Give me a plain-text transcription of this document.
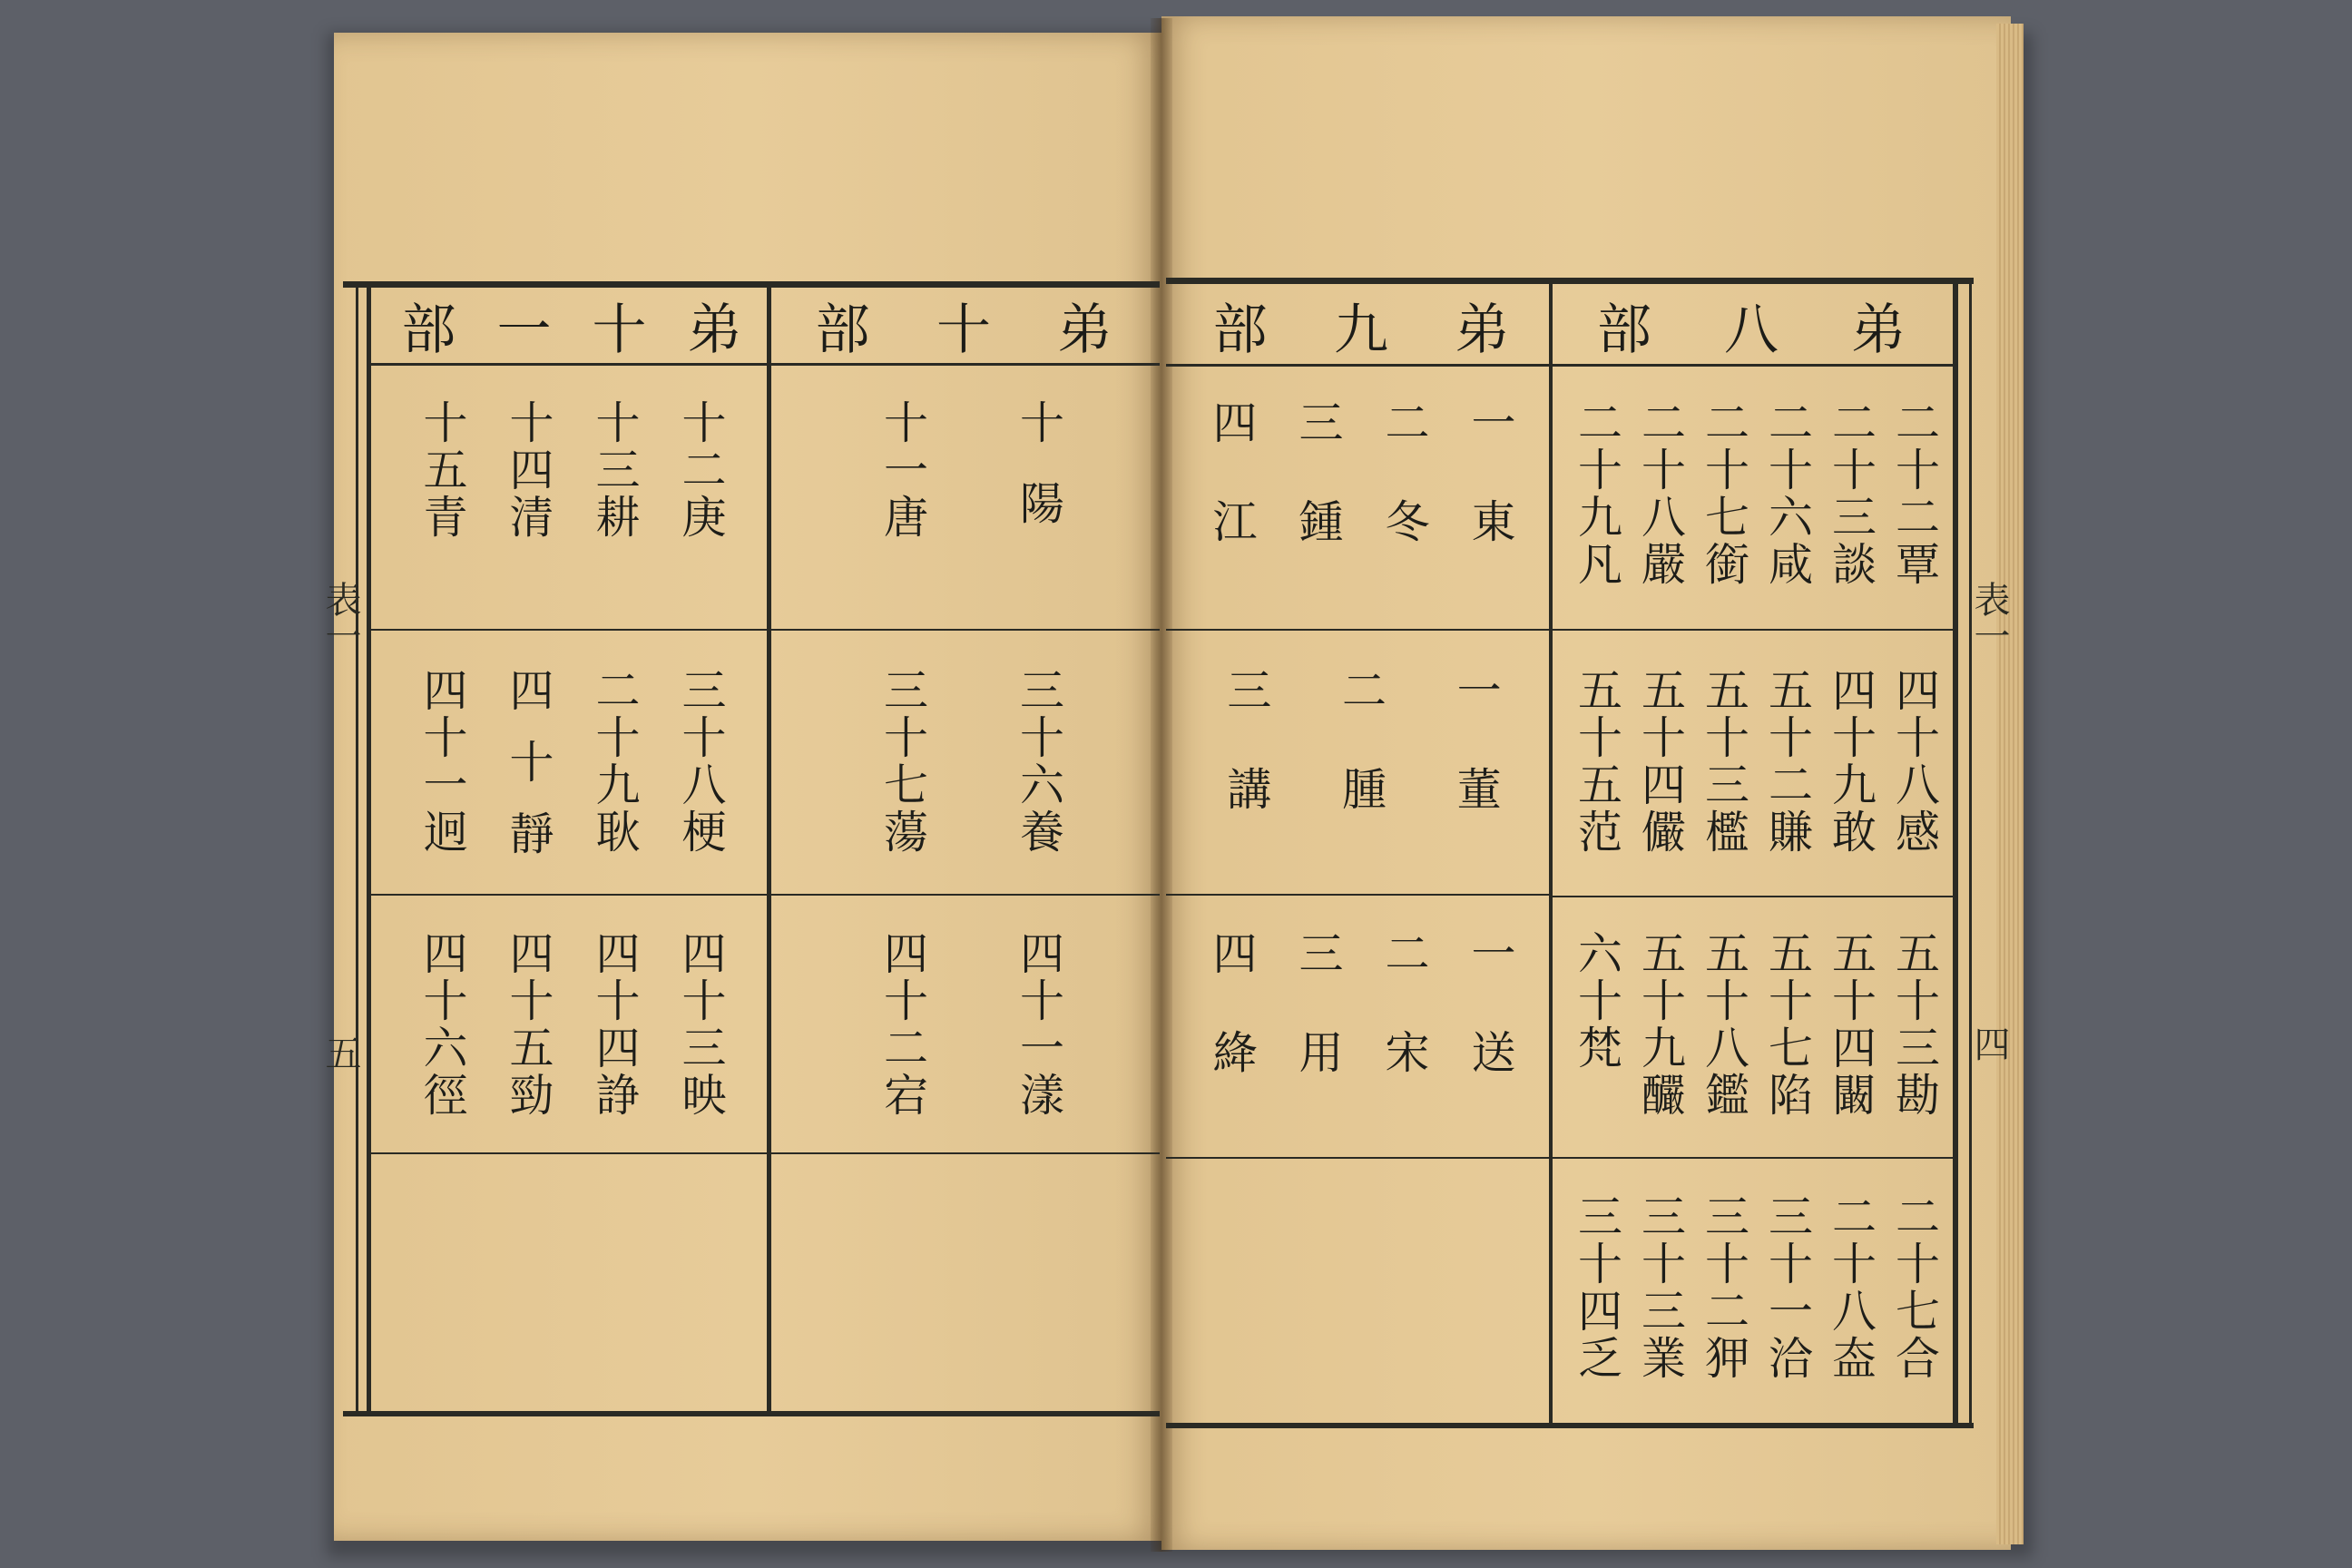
表一
四
弟
八
部
二十二覃
二十三談
二十六咸
二十七銜
二十八嚴
二十九凡
四十八感
四十九敢
五十二賺
五十三檻
五十四儼
五十五范
五十三勘
五十四闞
五十七陷
五十八鑑
五十九釅
六十梵
二十七合
二十八盇
三十一洽
三十二狎
三十三業
三十四乏
弟
九
部
一東
二冬
三鍾
四江
一董
二腫
三講
一送
二宋
三用
四絳
表一
五
弟
十
部
十陽
十一唐
三十六養
三十七蕩
四十一漾
四十二宕
弟
十
一
部
十二庚
十三耕
十四清
十五青
三十八梗
二十九耿
四十靜
四十一迥
四十三映
四十四諍
四十五勁
四十六徑
